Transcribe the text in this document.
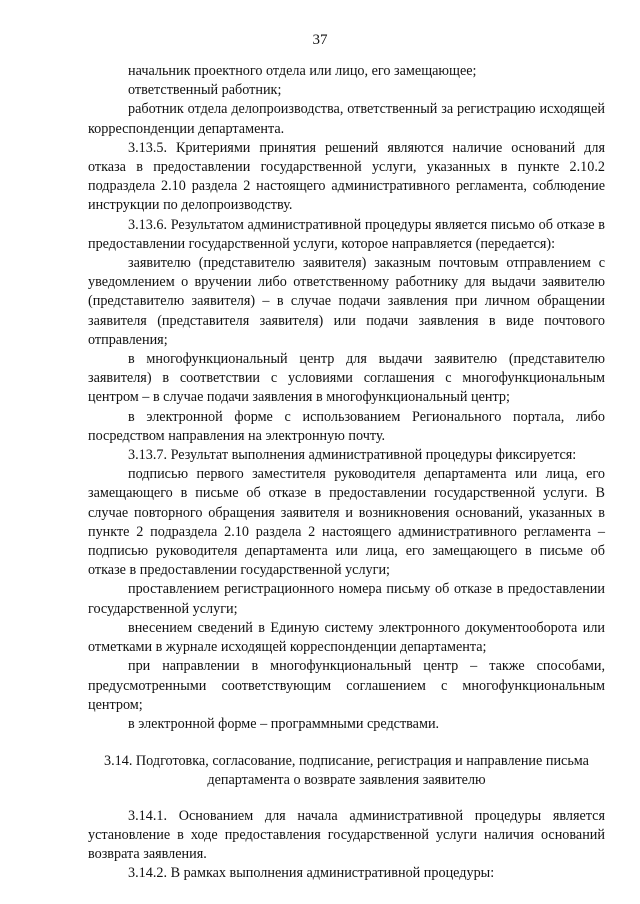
37

начальник проектного отдела или лицо, его замещающее;

ответственный работник;

работник отдела делопроизводства, ответственный за регистрацию исходящей корреспонденции департамента.

3.13.5. Критериями принятия решений являются наличие оснований для отказа в предоставлении государственной услуги, указанных в пункте 2.10.2 подраздела 2.10 раздела 2 настоящего административного регламента, соблюдение инструкции по делопроизводству.

3.13.6. Результатом административной процедуры является письмо об отказе в предоставлении государственной услуги, которое направляется (передается):

заявителю (представителю заявителя) заказным почтовым отправлением с уведомлением о вручении либо ответственному работнику для выдачи заявителю (представителю заявителя) – в случае подачи заявления при личном обращении заявителя (представителя заявителя) или подачи заявления в виде почтового отправления;

в многофункциональный центр для выдачи заявителю (представителю заявителя) в соответствии с условиями соглашения с многофункциональным центром – в случае подачи заявления в многофункциональный центр;

в электронной форме с использованием Регионального портала, либо посредством направления на электронную почту.

3.13.7. Результат выполнения административной процедуры фиксируется:

подписью первого заместителя руководителя департамента или лица, его замещающего в письме об отказе в предоставлении государственной услуги. В случае повторного обращения заявителя и возникновения оснований, указанных в пункте 2 подраздела 2.10 раздела 2 настоящего административного регламента – подписью руководителя департамента или лица, его замещающего в письме об отказе в предоставлении государственной услуги;

проставлением регистрационного номера письму об отказе в предоставлении государственной услуги;

внесением сведений в Единую систему электронного документооборота или отметками в журнале исходящей корреспонденции департамента;

при направлении в многофункциональный центр – также способами, предусмотренными соответствующим соглашением с многофункциональным центром;

в электронной форме – программными средствами.

3.14. Подготовка, согласование, подписание, регистрация и направление письма
департамента о возврате заявления заявителю

3.14.1. Основанием для начала административной процедуры является установление в ходе предоставления государственной услуги наличия оснований возврата заявления.

3.14.2. В рамках выполнения административной процедуры:
